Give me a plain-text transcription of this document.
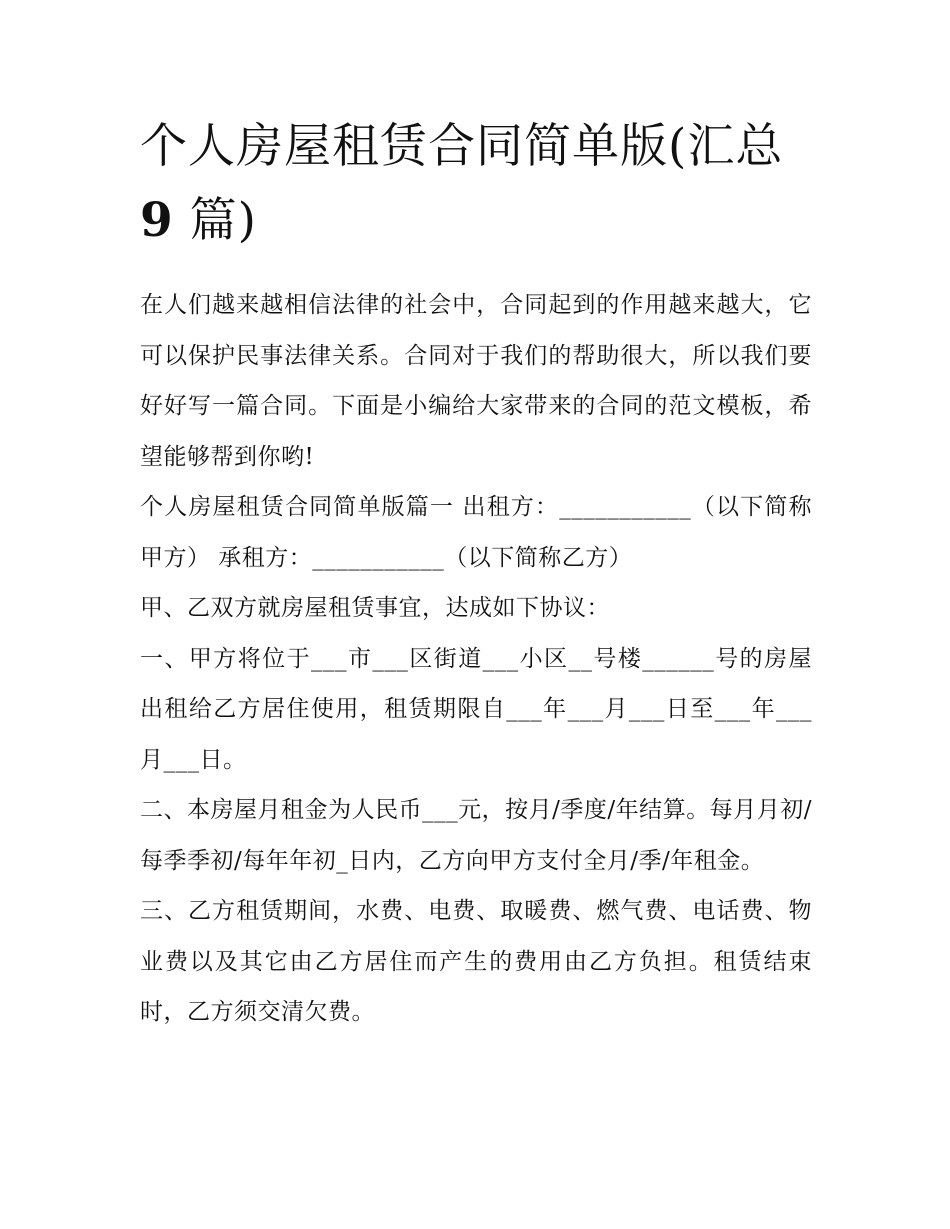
个人房屋租赁合同简单版(汇总
9 篇)

在人们越来越相信法律的社会中，合同起到的作用越来越大，它可以保护民事法律关系。合同对于我们的帮助很大，所以我们要好好写一篇合同。下面是小编给大家带来的合同的范文模板，希望能够帮到你哟!

个人房屋租赁合同简单版篇一 出租方：___________（以下简称甲方） 承租方：___________（以下简称乙方）

甲、乙双方就房屋租赁事宜，达成如下协议：

一、甲方将位于___市___区街道___小区__号楼______号的房屋出租给乙方居住使用，租赁期限自___年___月___日至___年___月___日。

二、本房屋月租金为人民币___元，按月/季度/年结算。每月月初/每季季初/每年年初_日内，乙方向甲方支付全月/季/年租金。

三、乙方租赁期间，水费、电费、取暖费、燃气费、电话费、物业费以及其它由乙方居住而产生的费用由乙方负担。租赁结束时，乙方须交清欠费。
